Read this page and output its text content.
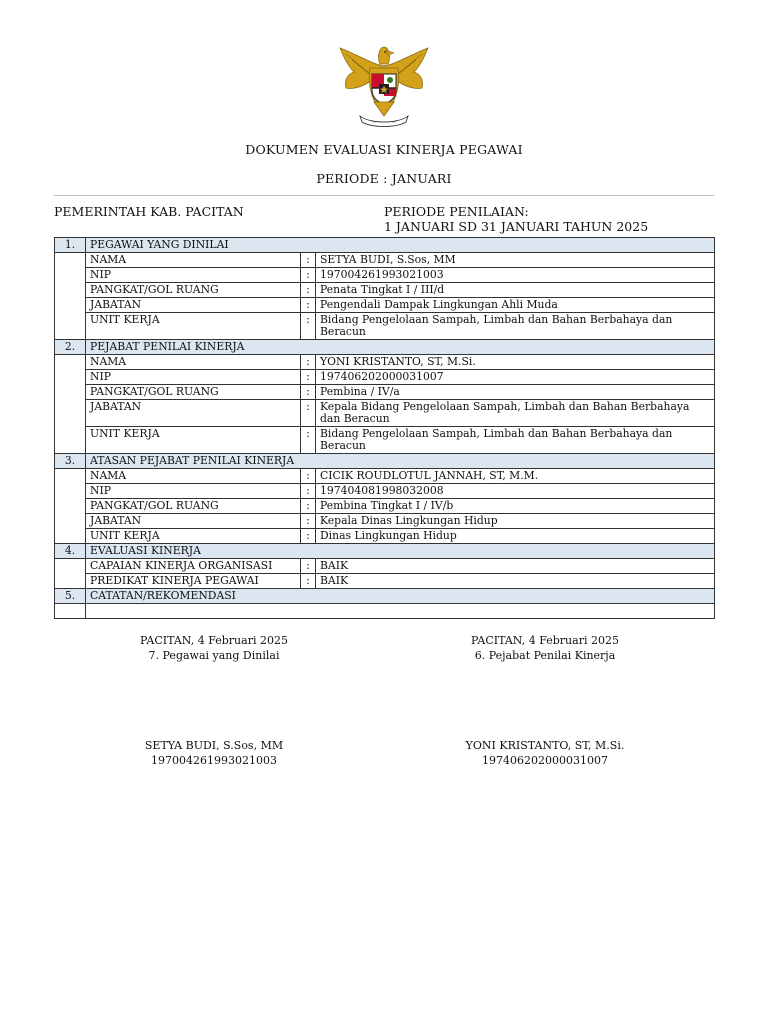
DOKUMEN EVALUASI KINERJA PEGAWAI
PERIODE : JANUARI
PEMERINTAH KAB. PACITAN	PERIODE PENILAIAN:
1 JANUARI SD 31 JANUARI TAHUN 2025
1.	PEGAWAI YANG DINILAI		
	NAMA	:	SETYA BUDI, S.Sos, MM
	NIP	:	197004261993021003
	PANGKAT/GOL RUANG	:	Penata Tingkat I / III/d
	JABATAN	:	Pengendali Dampak Lingkungan Ahli Muda
	UNIT KERJA	:	Bidang Pengelolaan Sampah, Limbah dan Bahan Berbahaya dan Beracun
2.	PEJABAT PENILAI KINERJA		
	NAMA	:	YONI KRISTANTO, ST, M.Si.
	NIP	:	197406202000031007
	PANGKAT/GOL RUANG	:	Pembina / IV/a
	JABATAN	:	Kepala Bidang Pengelolaan Sampah, Limbah dan Bahan Berbahaya dan Beracun
	UNIT KERJA	:	Bidang Pengelolaan Sampah, Limbah dan Bahan Berbahaya dan Beracun
3.	ATASAN PEJABAT PENILAI KINERJA		
	NAMA	:	CICIK ROUDLOTUL JANNAH, ST, M.M.
	NIP	:	197404081998032008
	PANGKAT/GOL RUANG	:	Pembina Tingkat I / IV/b
	JABATAN	:	Kepala Dinas Lingkungan Hidup
	UNIT KERJA	:	Dinas Lingkungan Hidup
4.	EVALUASI KINERJA		
	CAPAIAN KINERJA ORGANISASI	:	BAIK
	PREDIKAT KINERJA PEGAWAI	:	BAIK
5.	CATATAN/REKOMENDASI		

PACITAN, 4 Februari 2025
7. Pegawai yang Dinilai
PACITAN, 4 Februari 2025
6. Pejabat Penilai Kinerja
SETYA BUDI, S.Sos, MM
197004261993021003
YONI KRISTANTO, ST, M.Si.
197406202000031007
